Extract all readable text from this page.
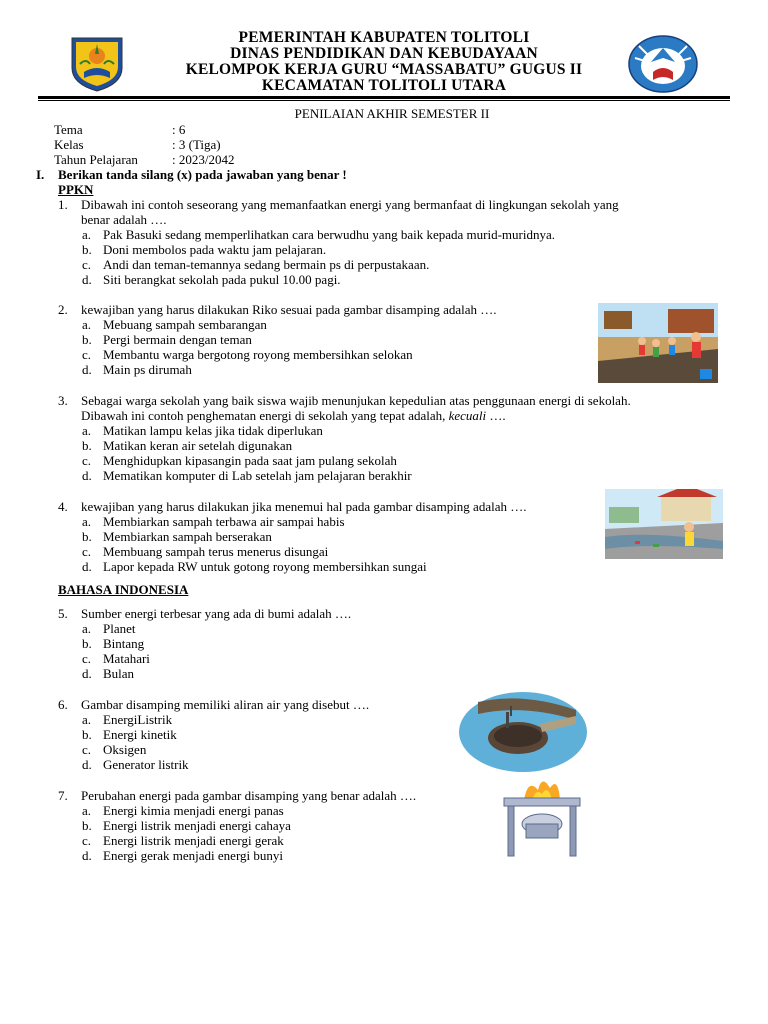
PEMERINTAH KABUPATEN TOLITOLI
DINAS PENDIDIKAN DAN KEBUDAYAAN
KELOMPOK KERJA GURU “MASSABATU” GUGUS II
KECAMATAN TOLITOLI UTARA
PENILAIAN AKHIR SEMESTER II
Tema	: 6
Kelas	: 3 (Tiga)
Tahun Pelajaran	: 2023/2042
I. Berikan tanda silang (x) pada jawaban yang benar !
PPKN
1. Dibawah ini contoh seseorang yang memanfaatkan energi yang bermanfaat di lingkungan sekolah yang
benar adalah ….
a. Pak Basuki sedang memperlihatkan cara berwudhu yang baik kepada murid-muridnya.
b. Doni membolos pada waktu jam pelajaran.
c. Andi dan teman-temannya sedang bermain ps di perpustakaan.
d. Siti berangkat sekolah pada pukul 10.00 pagi.
2. kewajiban yang harus dilakukan Riko sesuai pada gambar disamping adalah ….
a. Mebuang sampah sembarangan
b. Pergi bermain dengan teman
c. Membantu warga bergotong royong membersihkan selokan
d. Main ps dirumah
3. Sebagai warga sekolah yang baik siswa wajib menunjukan kepedulian atas penggunaan energi di sekolah.
Dibawah ini contoh penghematan energi di sekolah yang tepat adalah, kecuali ….
a. Matikan lampu kelas jika tidak diperlukan
b. Matikan keran air setelah digunakan
c. Menghidupkan kipasangin pada saat jam pulang sekolah
d. Mematikan komputer di Lab setelah jam pelajaran berakhir
4. kewajiban yang harus dilakukan jika menemui hal pada gambar disamping adalah ….
a. Membiarkan sampah terbawa air sampai habis
b. Membiarkan sampah berserakan
c. Membuang sampah terus menerus disungai
d. Lapor kepada RW untuk gotong royong membersihkan sungai
BAHASA INDONESIA
5. Sumber energi terbesar yang ada di bumi adalah ….
a. Planet
b. Bintang
c. Matahari
d. Bulan
6. Gambar disamping memiliki aliran air yang disebut ….
a. EnergiListrik
b. Energi kinetik
c. Oksigen
d. Generator listrik
7. Perubahan energi pada gambar disamping yang benar adalah ….
a. Energi kimia menjadi energi panas
b. Energi listrik menjadi energi cahaya
c. Energi listrik menjadi energi gerak
d. Energi gerak menjadi energi bunyi
